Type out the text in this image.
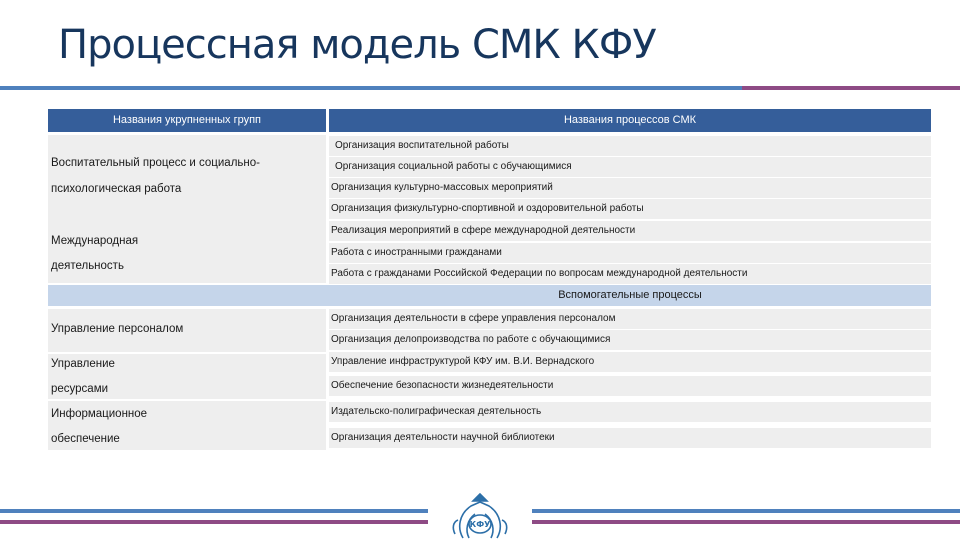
Процессная модель СМК КФУ
Названия укрупненных групп	Названия процессов СМК
Воспитательный процесс и социально-
психологическая работа
Международная
деятельность
Вспомогательные процессы
Управление персоналом
Управление
ресурсами
Информационное
обеспечение
Организация воспитательной работы
Организация социальной работы с обучающимися
Организация культурно-массовых мероприятий
Организация физкультурно-спортивной и оздоровительной работы
Реализация мероприятий в сфере международной деятельности
Работа с иностранными гражданами
Работа с гражданами Российской Федерации по вопросам международной деятельности
Организация деятельности в сфере управления персоналом
Организация делопроизводства по работе с обучающимися
Управление инфраструктурой КФУ им. В.И. Вернадского
Обеспечение безопасности жизнедеятельности
Издательско-полиграфическая деятельность
Организация деятельности научной библиотеки
КФУ
